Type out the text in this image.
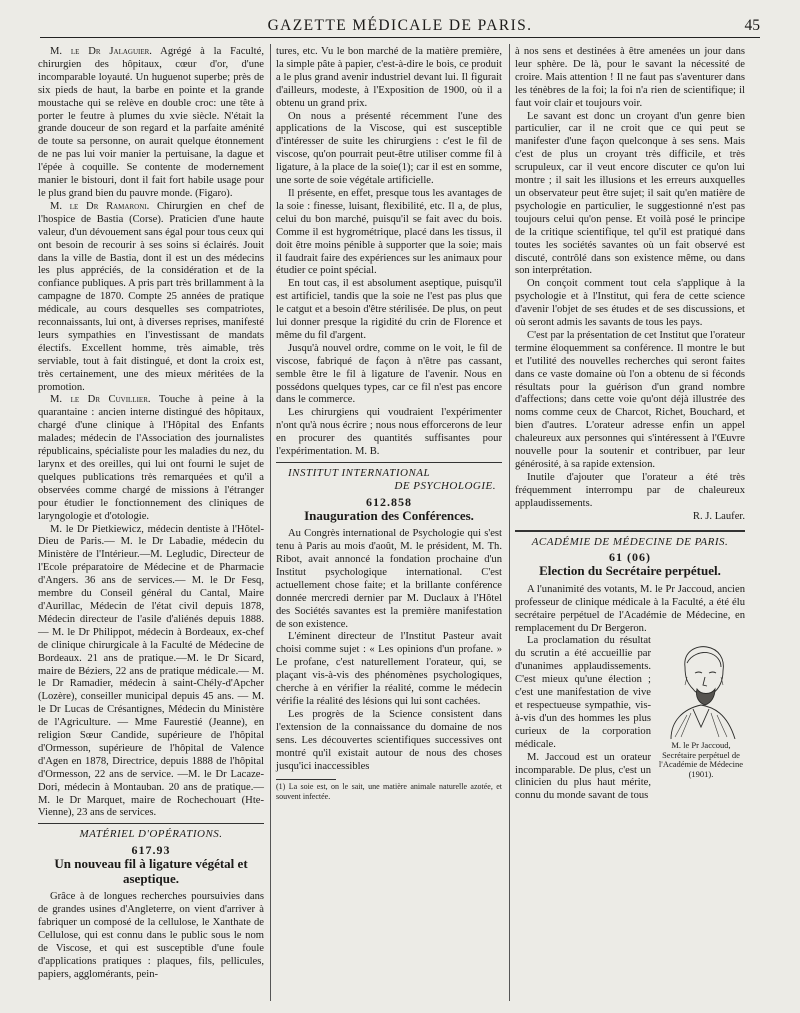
GAZETTE MÉDICALE DE PARIS.	45

M. le Dr Jalaguier. Agrégé à la Faculté, chirurgien des hôpitaux, cœur d'or, d'une incomparable loyauté. Un huguenot superbe; près de six pieds de haut, la barbe en pointe et la grande moustache qui se relève en double croc: une tête à porter le feutre à plumes du xvie siècle. N'était la grande douceur de son regard et la parfaite aménité de toute sa personne, on aurait quelque étonnement de ne pas lui voir manier la pertuisane, la dague et l'épée à coquille. Se contente de modernement manier le bistouri, dont il fait fort habile usage pour le plus grand bien du pauvre monde. (Figaro).

M. le Dr Ramaroni. Chirurgien en chef de l'hospice de Bastia (Corse). Praticien d'une haute valeur, d'un dévouement sans égal pour tous ceux qui ont besoin de recourir à ses soins si éclairés. Jouit dans la ville de Bastia, dont il est un des médecins les plus appréciés, de la considération et de la confiance publiques. A pris part très brillamment à la campagne de 1870. Compte 25 années de pratique médicale, au cours desquelles ses compatriotes, reconnaissants, lui ont, à diverses reprises, manifesté leurs sympathies en l'investissant de mandats électifs. Excellent homme, très aimable, très serviable, tout à fait distingué, et dont la croix est, très certainement, une des mieux méritées de la promotion.

M. le Dr Cuvillier. Touche à peine à la quarantaine : ancien interne distingué des hôpitaux, chargé d'une clinique à l'Hôpital des Enfants malades; médecin de l'Association des journalistes républicains, spécialiste pour les maladies du nez, du larynx et des oreilles, qui lui ont fourni le sujet de quelques publications très remarquées et qu'il a observées comme chargé de missions à l'étranger pour étudier le fonctionnement des cliniques de laryngologie et d'otologie.

M. le Dr Pietkiewicz, médecin dentiste à l'Hôtel-Dieu de Paris.— M. le Dr Labadie, médecin du Ministère de l'Intérieur.—M. Legludic, Directeur de l'Ecole préparatoire de Médecine et de Pharmacie d'Angers. 36 ans de services.— M. le Dr Fesq, membre du Conseil général du Cantal, Maire d'Aurillac, Médecin de l'état civil depuis 1878, Médecin directeur de l'asile d'aliénés depuis 1888. — M. le Dr Philippot, médecin à Bordeaux, ex-chef de clinique chirurgicale à la Faculté de Médecine de Bordeaux. 21 ans de pratique.—M. le Dr Sicard, maire de Béziers, 22 ans de pratique médicale.— M. le Dr Ramadier, médecin à saint-Chély-d'Apcher (Lozère), conseiller municipal depuis 45 ans. — M. le Dr Lucas de Crésantignes, Médecin du Ministère de l'Agriculture. — Mme Faurestié (Jeanne), en religion Sœur Candide, supérieure de l'hôpital d'Ormesson, supérieure de l'hôpital de Valence d'Agen en 1878, Directrice, depuis 1888 de l'hôpital d'Ormesson, 22 ans de service. —M. le Dr Lacaze-Dori, médecin à Montauban. 20 ans de pratique.— M. le Dr Marquet, maire de Rochechouart (Hte-Vienne), 23 ans de services.

MATÉRIEL D'OPÉRATIONS.
617.93
Un nouveau fil à ligature végétal et aseptique.

Grâce à de longues recherches poursuivies dans de grandes usines d'Angleterre, on vient d'arriver à fabriquer un composé de la cellulose, le Xanthate de Cellulose, qui est connu dans le public sous le nom de Viscose, et qui est susceptible d'une foule d'applications pratiques : plaques, fils, pellicules, papiers, agglomérants, pein-

tures, etc. Vu le bon marché de la matière première, la simple pâte à papier, c'est-à-dire le bois, ce produit a le plus grand avenir industriel devant lui. Il figurait d'ailleurs, modeste, à l'Exposition de 1900, où il a obtenu un grand prix.

On nous a présenté récemment l'une des applications de la Viscose, qui est susceptible d'intéresser de suite les chirurgiens : c'est le fil de viscose, qu'on pourrait peut-être utiliser comme fil à ligature, à la place de la soie(1); car il est en somme, une sorte de soie végétale artificielle.

Il présente, en effet, presque tous les avantages de la soie : finesse, luisant, flexibilité, etc. Il a, de plus, celui du bon marché, puisqu'il se fait avec du bois. Comme il est hygrométrique, placé dans les tissus, il doit être moins pénible à supporter que la soie; mais il faudrait faire des expériences sur les animaux pour étudier ce point spécial.

En tout cas, il est absolument aseptique, puisqu'il est artificiel, tandis que la soie ne l'est pas plus que le catgut et a besoin d'être stérilisée. De plus, on peut lui donner presque la rigidité du crin de Florence et même du fil d'argent.

Jusqu'à nouvel ordre, comme on le voit, le fil de viscose, fabriqué de façon à n'être pas cassant, semble être le fil à ligature de l'avenir. Nous en possédons quelques types, car ce fil n'est pas encore dans le commerce.

Les chirurgiens qui voudraient l'expérimenter n'ont qu'à nous écrire ; nous nous efforcerons de leur en procurer des quantités suffisantes pour l'expérimentation. M. B.

INSTITUT INTERNATIONAL
DE PSYCHOLOGIE.
612.858
Inauguration des Conférences.

Au Congrès international de Psychologie qui s'est tenu à Paris au mois d'août, M. le président, M. Th. Ribot, avait annoncé la fondation prochaine d'un Institut psychologique international. C'est actuellement chose faite; et la brillante conférence donnée mercredi dernier par M. Duclaux à l'Hôtel des Sociétés savantes est la première manifestation de son existence.

L'éminent directeur de l'Institut Pasteur avait choisi comme sujet : « Les opinions d'un profane. » Le profane, c'est naturellement l'orateur, qui, se plaçant vis-à-vis des phénomènes psychologiques, cherche à en vérifier la réalité, comme le médecin vérifie la réalité des lésions qui lui sont cachées.

Les progrès de la Science consistent dans l'extension de la connaissance du domaine de nos sens. Les découvertes scientifiques successives ont montré qu'il existait autour de nous des choses jusqu'ici inaccessibles

(1) La soie est, on le sait, une matière animale naturelle azotée, et souvent infectée.

à nos sens et destinées à être amenées un jour dans leur sphère. De là, pour le savant la nécessité de croire. Mais attention ! Il ne faut pas s'aventurer dans les ténèbres de la foi; la foi n'a rien de scientifique; il faut voir clair et toujours voir.

Le savant est donc un croyant d'un genre bien particulier, car il ne croit que ce qui peut se manifester d'une façon quelconque à ses sens. Mais c'est de plus un croyant très difficile, et très scrupuleux, car il veut encore discuter ce qu'on lui montre ; il sait les illusions et les erreurs auxquelles un observateur peut être sujet; il sait qu'en matière de psychologie en particulier, le suggestionné n'est pas toujours celui qu'on pense. Et voilà posé le principe de la critique scientifique, tel qu'il est pratiqué dans toutes les sociétés savantes où un fait observé est discuté, contrôlé dans son existence même, ou dans son interprétation.

On conçoit comment tout cela s'applique à la psychologie et à l'Institut, qui fera de cette science d'avenir l'objet de ses études et de ses discussions, et où seront admis les savants de tous les pays.

C'est par la présentation de cet Institut que l'orateur termine éloquemment sa conférence. Il montre le but et l'utilité des nouvelles recherches qui seront faites dans ce vaste domaine où l'on a obtenu de si féconds résultats pour la guérison d'un grand nombre d'affections; dans cette voie qu'ont déjà illustrée des noms comme ceux de Charcot, Richet, Bouchard, et bien d'autres. L'orateur adresse enfin un appel chaleureux aux personnes qui s'intéressent à l'Œuvre nouvelle pour la soutenir et contribuer, par leur générosité, à sa rapide extension.

Inutile d'ajouter que l'orateur a été très fréquemment interrompu par de chaleureux applaudissements.

R. J. Laufer.

ACADÉMIE DE MÉDECINE DE PARIS.
61 (06)
Election du Secrétaire perpétuel.

A l'unanimité des votants, M. le Pr Jaccoud, ancien professeur de clinique médicale à la Faculté, a été élu secrétaire perpétuel de l'Académie de Médecine, en remplacement du Dr Bergeron.

M. le Pr Jaccoud,
Secrétaire perpétuel de l'Académie de Médecine (1901).

La proclamation du résultat du scrutin a été accueillie par d'unanimes applaudissements. C'est mieux qu'une élection ; c'est une manifestation de vive et respectueuse sympathie, vis-à-vis d'un des hommes les plus curieux de la corporation médicale.

M. Jaccoud est un orateur incomparable. De plus, c'est un clinicien du plus haut mérite, connu du monde savant de tous
